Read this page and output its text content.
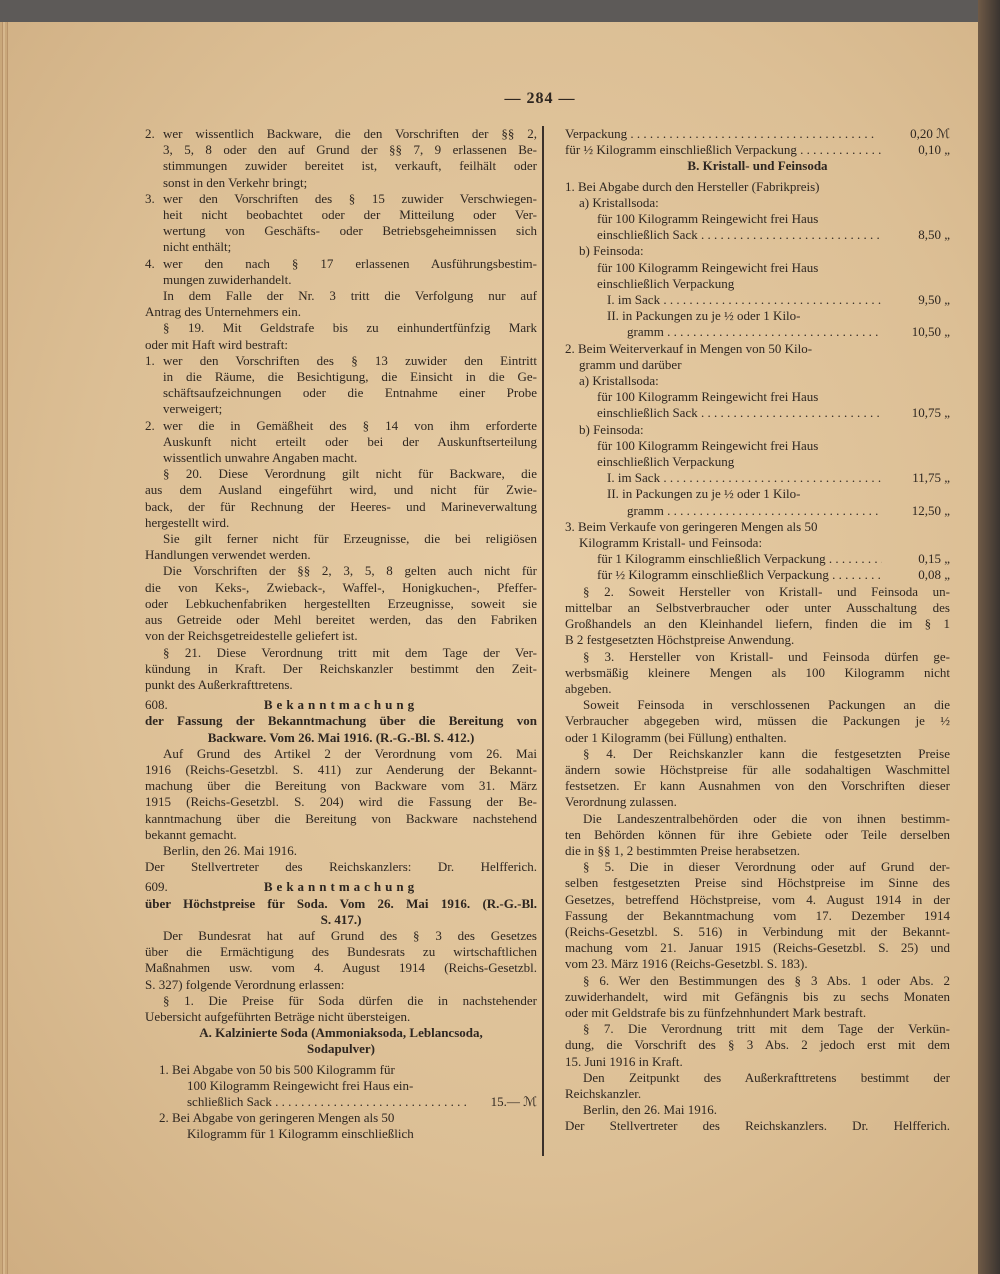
— 284 —
2. wer wissentlich Backware, die den Vorschriften der §§ 2,
3, 5, 8 oder den auf Grund der §§ 7, 9 erlassenen Be-
stimmungen zuwider bereitet ist, verkauft, feilhält oder
sonst in den Verkehr bringt;
3. wer den Vorschriften des § 15 zuwider Verschwiegen-
heit nicht beobachtet oder der Mitteilung oder Ver-
wertung von Geschäfts- oder Betriebsgeheimnissen sich
nicht enthält;
4. wer den nach § 17 erlassenen Ausführungsbestim-
mungen zuwiderhandelt.
In dem Falle der Nr. 3 tritt die Verfolgung nur auf
Antrag des Unternehmers ein.
§ 19. Mit Geldstrafe bis zu einhundertfünfzig Mark
oder mit Haft wird bestraft:
1. wer den Vorschriften des § 13 zuwider den Eintritt
in die Räume, die Besichtigung, die Einsicht in die Ge-
schäftsaufzeichnungen oder die Entnahme einer Probe
verweigert;
2. wer die in Gemäßheit des § 14 von ihm erforderte
Auskunft nicht erteilt oder bei der Auskunftserteilung
wissentlich unwahre Angaben macht.
§ 20. Diese Verordnung gilt nicht für Backware, die
aus dem Ausland eingeführt wird, und nicht für Zwie-
back, der für Rechnung der Heeres- und Marineverwaltung
hergestellt wird.
Sie gilt ferner nicht für Erzeugnisse, die bei religiösen
Handlungen verwendet werden.
Die Vorschriften der §§ 2, 3, 5, 8 gelten auch nicht für
die von Keks-, Zwieback-, Waffel-, Honigkuchen-, Pfeffer-
oder Lebkuchenfabriken hergestellten Erzeugnisse, soweit sie
aus Getreide oder Mehl bereitet werden, das den Fabriken
von der Reichsgetreidestelle geliefert ist.
§ 21. Diese Verordnung tritt mit dem Tage der Ver-
kündung in Kraft. Der Reichskanzler bestimmt den Zeit-
punkt des Außerkrafttretens.
608.	Bekanntmachung
der Fassung der Bekanntmachung über die Bereitung von
Backware. Vom 26. Mai 1916. (R.-G.-Bl. S. 412.)
Auf Grund des Artikel 2 der Verordnung vom 26. Mai
1916 (Reichs-Gesetzbl. S. 411) zur Aenderung der Bekannt-
machung über die Bereitung von Backware vom 31. März
1915 (Reichs-Gesetzbl. S. 204) wird die Fassung der Be-
kanntmachung über die Bereitung von Backware nachstehend
bekannt gemacht.
Berlin, den 26. Mai 1916.
Der Stellvertreter des Reichskanzlers: Dr. Helfferich.
609.	Bekanntmachung
über Höchstpreise für Soda. Vom 26. Mai 1916. (R.-G.-Bl.
S. 417.)
Der Bundesrat hat auf Grund des § 3 des Gesetzes
über die Ermächtigung des Bundesrats zu wirtschaftlichen
Maßnahmen usw. vom 4. August 1914 (Reichs-Gesetzbl.
S. 327) folgende Verordnung erlassen:
§ 1. Die Preise für Soda dürfen die in nachstehender
Uebersicht aufgeführten Beträge nicht übersteigen.
A. Kalzinierte Soda (Ammoniaksoda, Leblancsoda,
Sodapulver)
1. Bei Abgabe von 50 bis 500 Kilogramm für
100 Kilogramm Reingewicht frei Haus ein-
schließlich Sack . . .	15.— ℳ
2. Bei Abgabe von geringeren Mengen als 50
Kilogramm für 1 Kilogramm einschließlich
Verpackung . . .	0,20 ℳ
für ½ Kilogramm einschließlich Verpackung . . .	0,10 „
B. Kristall- und Feinsoda
1. Bei Abgabe durch den Hersteller (Fabrikpreis)
a) Kristallsoda:
für 100 Kilogramm Reingewicht frei Haus
einschließlich Sack . . .	8,50 „
b) Feinsoda:
für 100 Kilogramm Reingewicht frei Haus
einschließlich Verpackung
I. im Sack . . .	9,50 „
II. in Packungen zu je ½ oder 1 Kilo-
gramm . . .	10,50 „
2. Beim Weiterverkauf in Mengen von 50 Kilo-
gramm und darüber
a) Kristallsoda:
für 100 Kilogramm Reingewicht frei Haus
einschließlich Sack . . .	10,75 „
b) Feinsoda:
für 100 Kilogramm Reingewicht frei Haus
einschließlich Verpackung
I. im Sack . . .	11,75 „
II. in Packungen zu je ½ oder 1 Kilo-
gramm . . .	12,50 „
3. Beim Verkaufe von geringeren Mengen als 50
Kilogramm Kristall- und Feinsoda:
für 1 Kilogramm einschließlich Verpackung . . .	0,15 „
für ½ Kilogramm einschließlich Verpackung . . .	0,08 „
§ 2. Soweit Hersteller von Kristall- und Feinsoda un-
mittelbar an Selbstverbraucher oder unter Ausschaltung des
Großhandels an den Kleinhandel liefern, finden die im § 1
B 2 festgesetzten Höchstpreise Anwendung.
§ 3. Hersteller von Kristall- und Feinsoda dürfen ge-
werbsmäßig kleinere Mengen als 100 Kilogramm nicht
abgeben.
Soweit Feinsoda in verschlossenen Packungen an die
Verbraucher abgegeben wird, müssen die Packungen je ½
oder 1 Kilogramm (bei Füllung) enthalten.
§ 4. Der Reichskanzler kann die festgesetzten Preise
ändern sowie Höchstpreise für alle sodahaltigen Waschmittel
festsetzen. Er kann Ausnahmen von den Vorschriften dieser
Verordnung zulassen.
Die Landeszentralbehörden oder die von ihnen bestimm-
ten Behörden können für ihre Gebiete oder Teile derselben
die in §§ 1, 2 bestimmten Preise herabsetzen.
§ 5. Die in dieser Verordnung oder auf Grund der-
selben festgesetzten Preise sind Höchstpreise im Sinne des
Gesetzes, betreffend Höchstpreise, vom 4. August 1914 in der
Fassung der Bekanntmachung vom 17. Dezember 1914
(Reichs-Gesetzbl. S. 516) in Verbindung mit der Bekannt-
machung vom 21. Januar 1915 (Reichs-Gesetzbl. S. 25) und
vom 23. März 1916 (Reichs-Gesetzbl. S. 183).
§ 6. Wer den Bestimmungen des § 3 Abs. 1 oder Abs. 2
zuwiderhandelt, wird mit Gefängnis bis zu sechs Monaten
oder mit Geldstrafe bis zu fünfzehnhundert Mark bestraft.
§ 7. Die Verordnung tritt mit dem Tage der Verkün-
dung, die Vorschrift des § 3 Abs. 2 jedoch erst mit dem
15. Juni 1916 in Kraft.
Den Zeitpunkt des Außerkrafttretens bestimmt der
Reichskanzler.
Berlin, den 26. Mai 1916.
Der Stellvertreter des Reichskanzlers. Dr. Helfferich.
